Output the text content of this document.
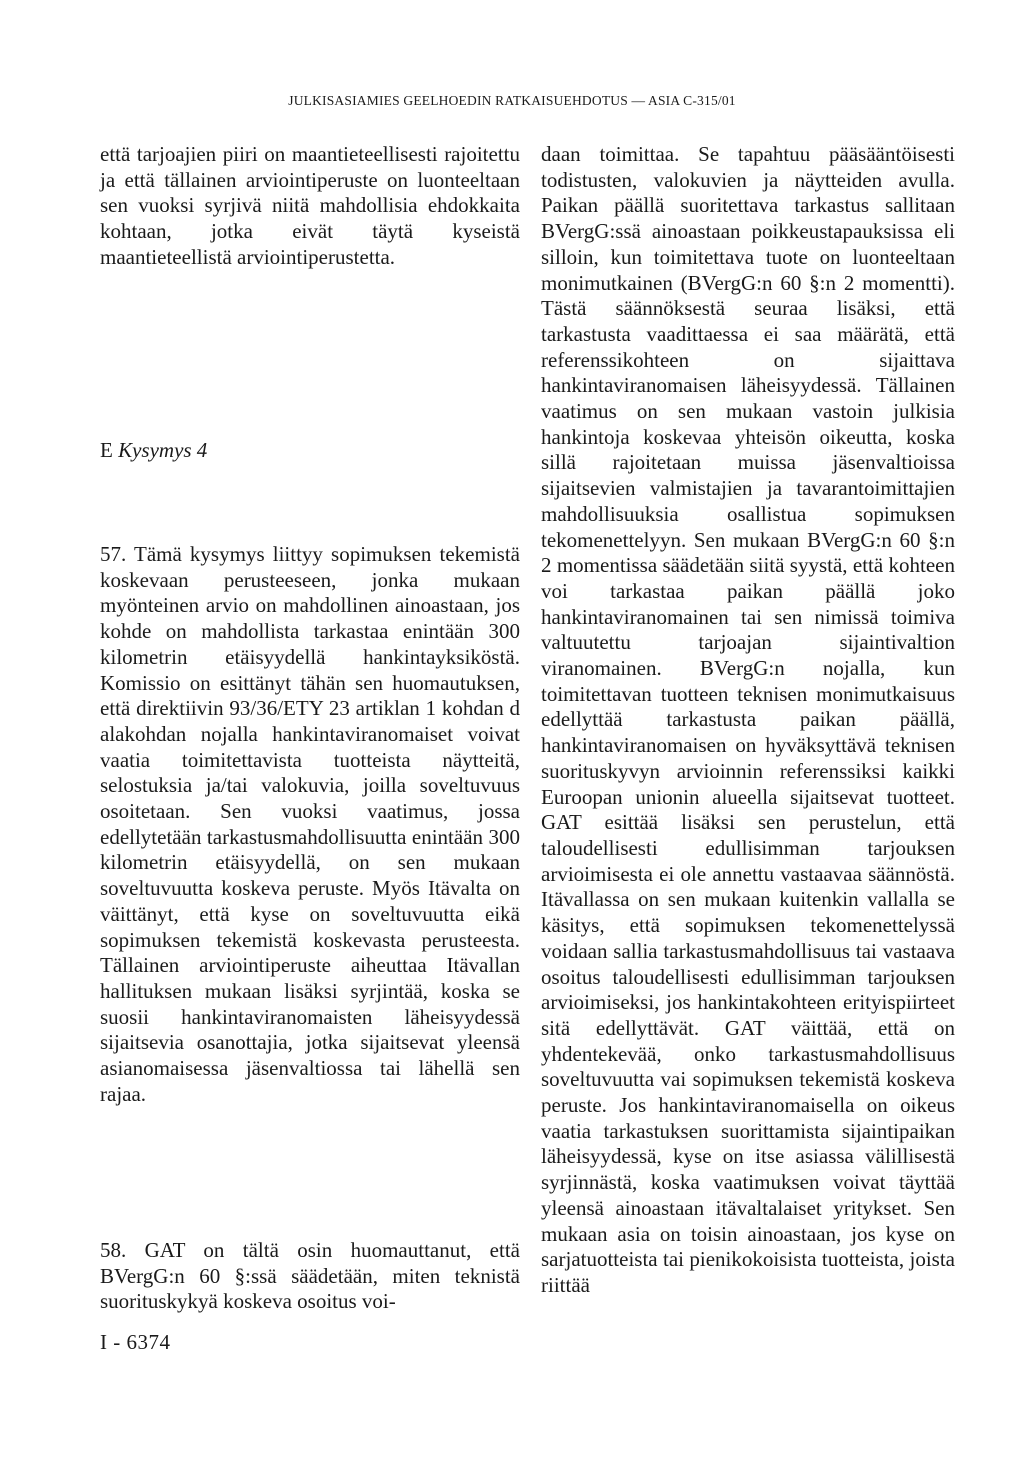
JULKISASIAMIES GEELHOEDIN RATKAISUEHDOTUS — ASIA C-315/01

että tarjoajien piiri on maantieteellisesti rajoitettu ja että tällainen arviointiperuste on luonteeltaan sen vuoksi syrjivä niitä mahdollisia ehdokkaita kohtaan, jotka eivät täytä kyseistä maantieteellistä arviointiperustetta.

E Kysymys 4

57. Tämä kysymys liittyy sopimuksen tekemistä koskevaan perusteeseen, jonka mukaan myönteinen arvio on mahdollinen ainoastaan, jos kohde on mahdollista tarkastaa enintään 300 kilometrin etäisyydellä hankintayksiköstä. Komissio on esittänyt tähän sen huomautuksen, että direktiivin 93/36/ETY 23 artiklan 1 kohdan d alakohdan nojalla hankintaviranomaiset voivat vaatia toimitettavista tuotteista näytteitä, selostuksia ja/tai valokuvia, joilla soveltuvuus osoitetaan. Sen vuoksi vaatimus, jossa edellytetään tarkastusmahdollisuutta enintään 300 kilometrin etäisyydellä, on sen mukaan soveltuvuutta koskeva peruste. Myös Itävalta on väittänyt, että kyse on soveltuvuutta eikä sopimuksen tekemistä koskevasta perusteesta. Tällainen arviointiperuste aiheuttaa Itävallan hallituksen mukaan lisäksi syrjintää, koska se suosii hankintaviranomaisten läheisyydessä sijaitsevia osanottajia, jotka sijaitsevat yleensä asianomaisessa jäsenvaltiossa tai lähellä sen rajaa.

58. GAT on tältä osin huomauttanut, että BVergG:n 60 §:ssä säädetään, miten teknistä suorituskykyä koskeva osoitus voi-

daan toimittaa. Se tapahtuu pääsääntöisesti todistusten, valokuvien ja näytteiden avulla. Paikan päällä suoritettava tarkastus sallitaan BVergG:ssä ainoastaan poikkeustapauksissa eli silloin, kun toimitettava tuote on luonteeltaan monimutkainen (BVergG:n 60 §:n 2 momentti). Tästä säännöksestä seuraa lisäksi, että tarkastusta vaadittaessa ei saa määrätä, että referenssikohteen on sijaittava hankintaviranomaisen läheisyydessä. Tällainen vaatimus on sen mukaan vastoin julkisia hankintoja koskevaa yhteisön oikeutta, koska sillä rajoitetaan muissa jäsenvaltioissa sijaitsevien valmistajien ja tavarantoimittajien mahdollisuuksia osallistua sopimuksen tekomenettelyyn. Sen mukaan BVergG:n 60 §:n 2 momentissa säädetään siitä syystä, että kohteen voi tarkastaa paikan päällä joko hankintaviranomainen tai sen nimissä toimiva valtuutettu tarjoajan sijaintivaltion viranomainen. BVergG:n nojalla, kun toimitettavan tuotteen teknisen monimutkaisuus edellyttää tarkastusta paikan päällä, hankintaviranomaisen on hyväksyttävä teknisen suorituskyvyn arvioinnin referenssiksi kaikki Euroopan unionin alueella sijaitsevat tuotteet. GAT esittää lisäksi sen perustelun, että taloudellisesti edullisimman tarjouksen arvioimisesta ei ole annettu vastaavaa säännöstä. Itävallassa on sen mukaan kuitenkin vallalla se käsitys, että sopimuksen tekomenettelyssä voidaan sallia tarkastusmahdollisuus tai vastaava osoitus taloudellisesti edullisimman tarjouksen arvioimiseksi, jos hankintakohteen erityispiirteet sitä edellyttävät. GAT väittää, että on yhdentekevää, onko tarkastusmahdollisuus soveltuvuutta vai sopimuksen tekemistä koskeva peruste. Jos hankintaviranomaisella on oikeus vaatia tarkastuksen suorittamista sijaintipaikan läheisyydessä, kyse on itse asiassa välillisestä syrjinnästä, koska vaatimuksen voivat täyttää yleensä ainoastaan itävaltalaiset yritykset. Sen mukaan asia on toisin ainoastaan, jos kyse on sarjatuotteista tai pienikokoisista tuotteista, joista riittää

I - 6374
